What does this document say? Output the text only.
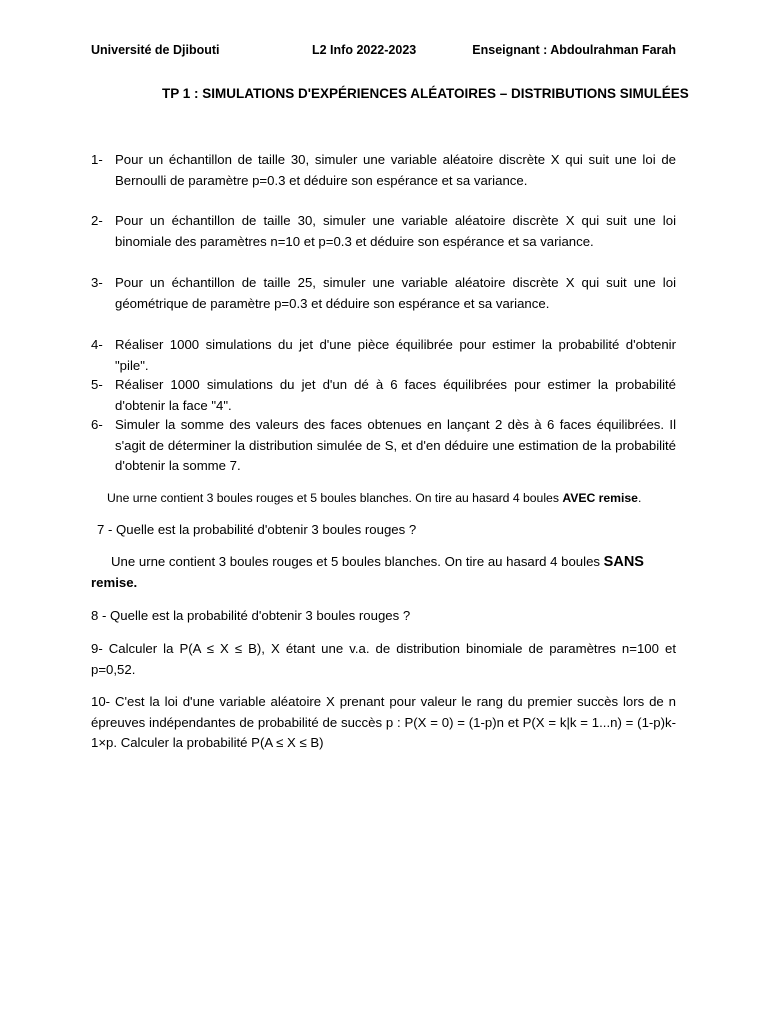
Université de Djibouti	L2 Info 2022-2023	Enseignant : Abdoulrahman Farah
TP 1 : SIMULATIONS D'EXPÉRIENCES ALÉATOIRES – DISTRIBUTIONS SIMULÉES
1- Pour un échantillon de taille 30, simuler une variable aléatoire discrète X qui suit une loi de Bernoulli de paramètre p=0.3 et déduire son espérance et sa variance.
2- Pour un échantillon de taille 30, simuler une variable aléatoire discrète X qui suit une loi binomiale des paramètres n=10 et p=0.3 et déduire son espérance et sa variance.
3- Pour un échantillon de taille 25, simuler une variable aléatoire discrète X qui suit une loi géométrique de paramètre p=0.3 et déduire son espérance et sa variance.
4- Réaliser 1000 simulations du jet d'une pièce équilibrée pour estimer la probabilité d'obtenir "pile".
5- Réaliser 1000 simulations du jet d'un dé à 6 faces équilibrées pour estimer la probabilité d'obtenir la face "4".
6- Simuler la somme des valeurs des faces obtenues en lançant 2 dès à 6 faces équilibrées. Il s'agit de déterminer la distribution simulée de S, et d'en déduire une estimation de la probabilité d'obtenir la somme 7.
Une urne contient 3 boules rouges et 5 boules blanches. On tire au hasard 4 boules AVEC remise.
7 - Quelle est la probabilité d'obtenir 3 boules rouges ?
Une urne contient 3 boules rouges et 5 boules blanches. On tire au hasard 4 boules SANS
remise.
8 - Quelle est la probabilité d'obtenir 3 boules rouges ?
9- Calculer la P(A ≤ X ≤ B), X étant une v.a. de distribution binomiale de paramètres n=100 et p=0,52.
10- C'est la loi d'une variable aléatoire X prenant pour valeur le rang du premier succès lors de n épreuves indépendantes de probabilité de succès p : P(X = 0) = (1-p)n et P(X = k|k = 1...n) = (1-p)k-1×p. Calculer la probabilité P(A ≤ X ≤ B)
